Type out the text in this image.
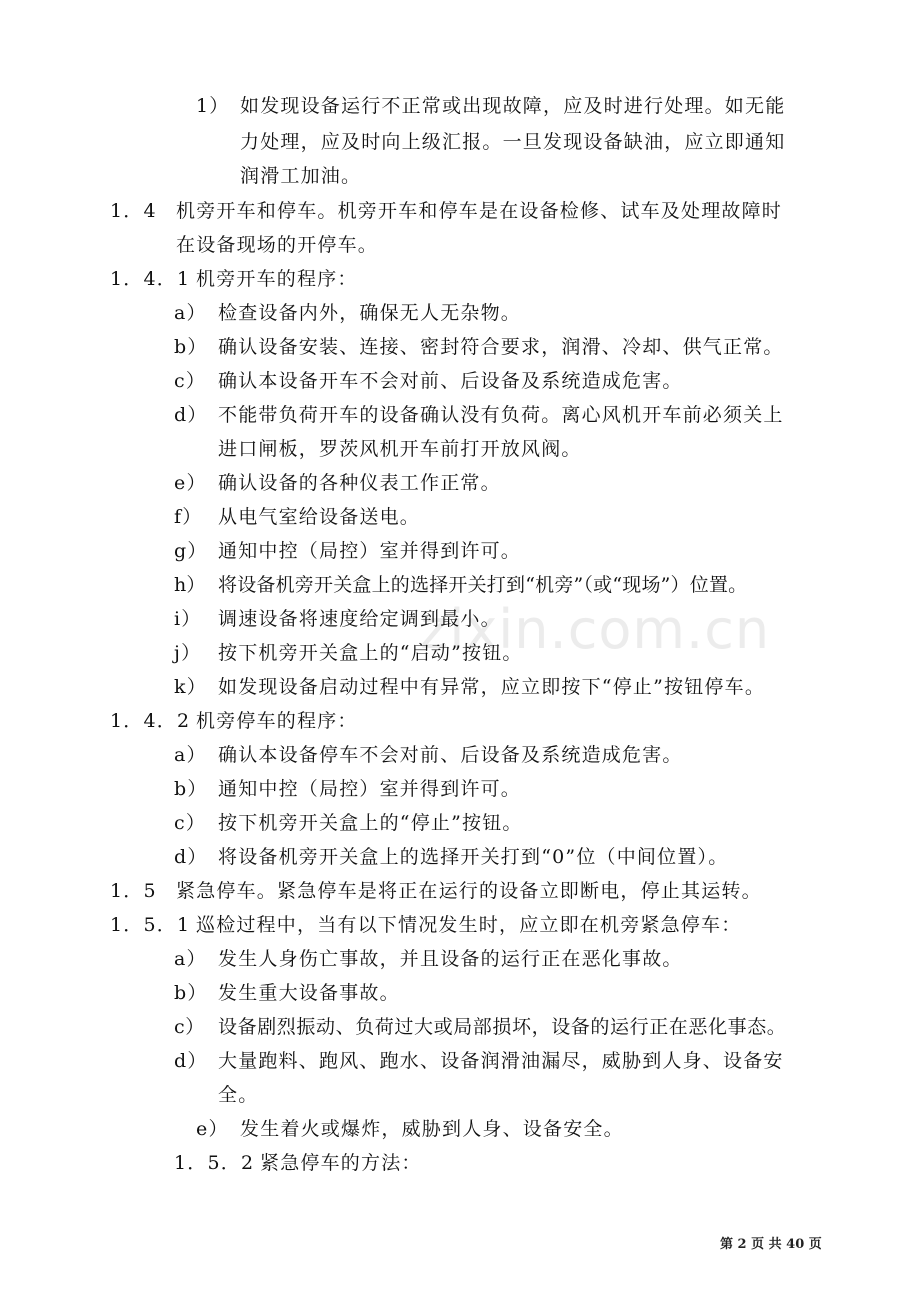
zixin.com.cn
1） 如发现设备运行不正常或出现故障，应及时进行处理。如无能
力处理，应及时向上级汇报。一旦发现设备缺油，应立即通知
润滑工加油。
1．4 机旁开车和停车。机旁开车和停车是在设备检修、试车及处理故障时
在设备现场的开停车。
1．4．1 机旁开车的程序：
a） 检查设备内外，确保无人无杂物。
b） 确认设备安装、连接、密封符合要求，润滑、冷却、供气正常。
c） 确认本设备开车不会对前、后设备及系统造成危害。
d） 不能带负荷开车的设备确认没有负荷。离心风机开车前必须关上
进口闸板，罗茨风机开车前打开放风阀。
e） 确认设备的各种仪表工作正常。
f） 从电气室给设备送电。
g） 通知中控（局控）室并得到许可。
h） 将设备机旁开关盒上的选择开关打到“机旁”（或“现场”）位置。
i） 调速设备将速度给定调到最小。
j） 按下机旁开关盒上的“启动”按钮。
k） 如发现设备启动过程中有异常，应立即按下“停止”按钮停车。
1．4．2 机旁停车的程序：
a） 确认本设备停车不会对前、后设备及系统造成危害。
b） 通知中控（局控）室并得到许可。
c） 按下机旁开关盒上的“停止”按钮。
d） 将设备机旁开关盒上的选择开关打到“0”位（中间位置）。
1．5 紧急停车。紧急停车是将正在运行的设备立即断电，停止其运转。
1．5．1 巡检过程中，当有以下情况发生时，应立即在机旁紧急停车：
a） 发生人身伤亡事故，并且设备的运行正在恶化事故。
b） 发生重大设备事故。
c） 设备剧烈振动、负荷过大或局部损坏，设备的运行正在恶化事态。
d） 大量跑料、跑风、跑水、设备润滑油漏尽，威胁到人身、设备安
全。
e） 发生着火或爆炸，威胁到人身、设备安全。
1．5．2 紧急停车的方法：
第 2 页 共 40 页
